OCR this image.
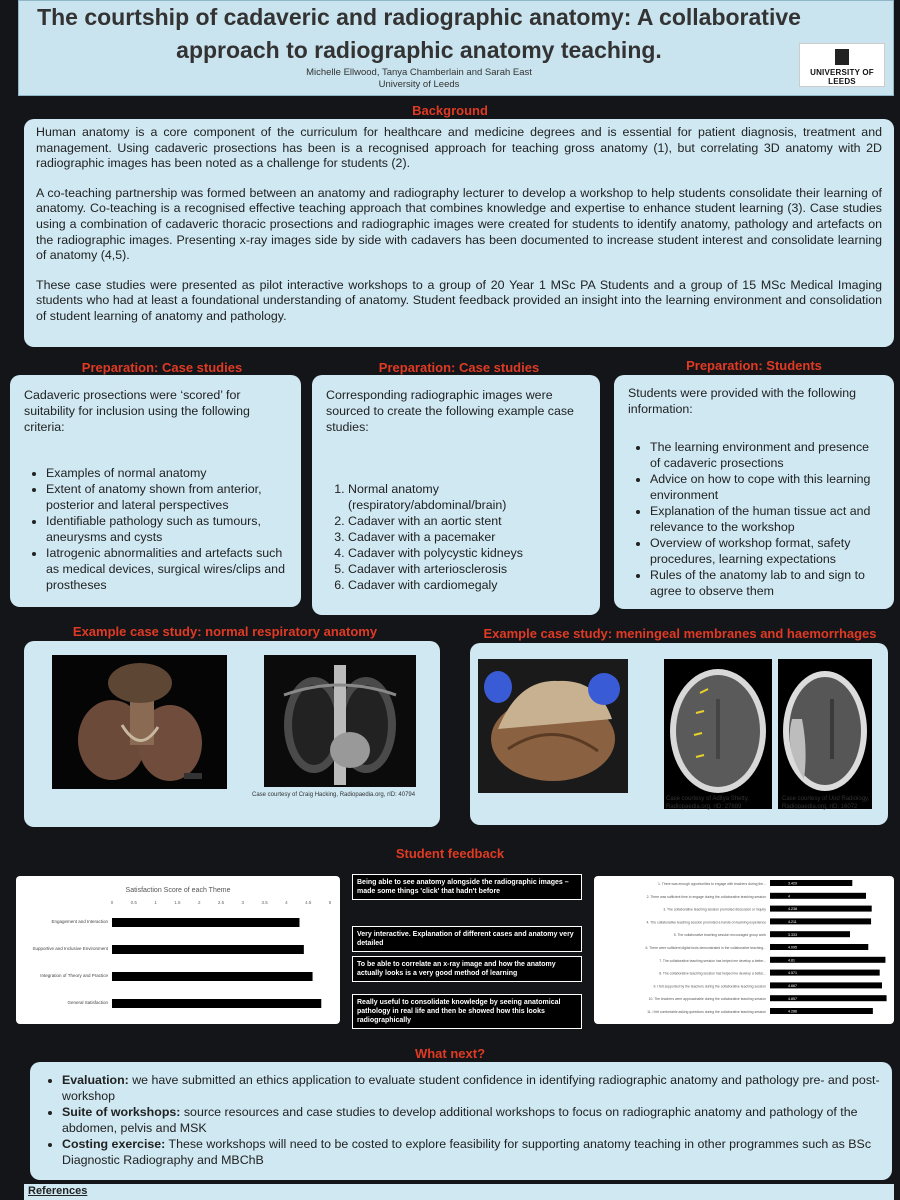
The courtship of cadaveric and radiographic anatomy: A collaborative
approach to radiographic anatomy teaching.
Michelle Ellwood, Tanya Chamberlain and Sarah East
University of Leeds
UNIVERSITY OF LEEDS
Background

Human anatomy is a core component of the curriculum for healthcare and medicine degrees and is essential for patient diagnosis, treatment and management. Using cadaveric prosections has been is a recognised approach for teaching gross anatomy (1), but correlating 3D anatomy with 2D radiographic images has been noted as a challenge for students (2).

A co-teaching partnership was formed between an anatomy and radiography lecturer to develop a workshop to help students consolidate their learning of anatomy. Co-teaching is a recognised effective teaching approach that combines knowledge and expertise to enhance student learning (3). Case studies using a combination of cadaveric thoracic prosections and radiographic images were created for students to identify anatomy, pathology and artefacts on the radiographic images. Presenting x-ray images side by side with cadavers has been documented to increase student interest and consolidate learning of anatomy (4,5).

These case studies were presented as pilot interactive workshops to a group of 20 Year 1 MSc PA Students and a group of 15 MSc Medical Imaging students who had at least a foundational understanding of anatomy. Student feedback provided an insight into the learning environment and consolidation of student learning of anatomy and pathology.

Preparation: Case studies
Cadaveric prosections were ‘scored’ for suitability for inclusion using the following criteria:
• Examples of normal anatomy
• Extent of anatomy shown from anterior, posterior and lateral perspectives
• Identifiable pathology such as tumours, aneurysms and cysts
• Iatrogenic abnormalities and artefacts such as medical devices, surgical wires/clips and prostheses
Preparation: Case studies
Corresponding radiographic images were sourced to create the following example case studies:
1. Normal anatomy (respiratory/abdominal/brain)
2. Cadaver with an aortic stent
3. Cadaver with a pacemaker
4. Cadaver with polycystic kidneys
5. Cadaver with arteriosclerosis
6. Cadaver with cardiomegaly
Preparation: Students
Students were provided with the following information:
• The learning environment and presence of cadaveric prosections
• Advice on how to cope with this learning environment
• Explanation of the human tissue act and relevance to the workshop
• Overview of workshop format, safety procedures, learning expectations
• Rules of the anatomy lab to and sign to agree to observe them
Example case study: normal respiratory anatomy
Case courtesy of Craig Hacking, Radiopaedia.org, rID: 40794
Example case study: meningeal membranes and haemorrhages
Case courtesy of Aditya Shetty, Radiopaedia.org, rID: 27889
Case courtesy of Uod Radiology, Radiopaedia.org, rID: 16072
Student feedback
Satisfaction Score of each Theme
0	0.5	1	1.5	2	2.5	3	3.5	4	4.5	5
Engagement and Interaction
Supportive and Inclusive Environment
Integration of Theory and Practice
General Satisfaction
Being able to see anatomy alongside the radiographic images – made some things 'click' that hadn't before
Very interactive. Explanation of different cases and anatomy very detailed
To be able to correlate an x-ray image and how the anatomy actually looks is a very good method of learning
Really useful to consolidate knowledge by seeing anatomical pathology in real life and then be showed how this looks radiographically
1. There was enough opportunities to engage with teachers during the...	3.429
2. There was sufficient time to engage during the collaborative teaching session	4
3. The collaborative teaching session promoted discussion or inquiry	4.238
4. The collaborative teaching session promoted a hands-on learning experience	4.211
5. The collaborative teaching session encouraged group work	3.333
6. There were sufficient digital tools demonstrated in the collaborative teaching...	4.095
7. The collaborative teaching session has helped me develop a better...	4.81
8. The collaborative teaching session has helped me develop a better...	4.571
9. I felt supported by the teachers during the collaborative teaching session	4.667
10. The teachers were approachable during the collaborative teaching session	4.857
11. I felt comfortable asking questions during the collaborative teaching session	4.286
What next?
• Evaluation: we have submitted an ethics application to evaluate student confidence in identifying radiographic anatomy and pathology pre- and post-workshop
• Suite of workshops: source resources and case studies to develop additional workshops to focus on radiographic anatomy and pathology of the abdomen, pelvis and MSK
• Costing exercise: These workshops will need to be costed to explore feasibility for supporting anatomy teaching in other programmes such as BSc Diagnostic Radiography and MBChB
References
